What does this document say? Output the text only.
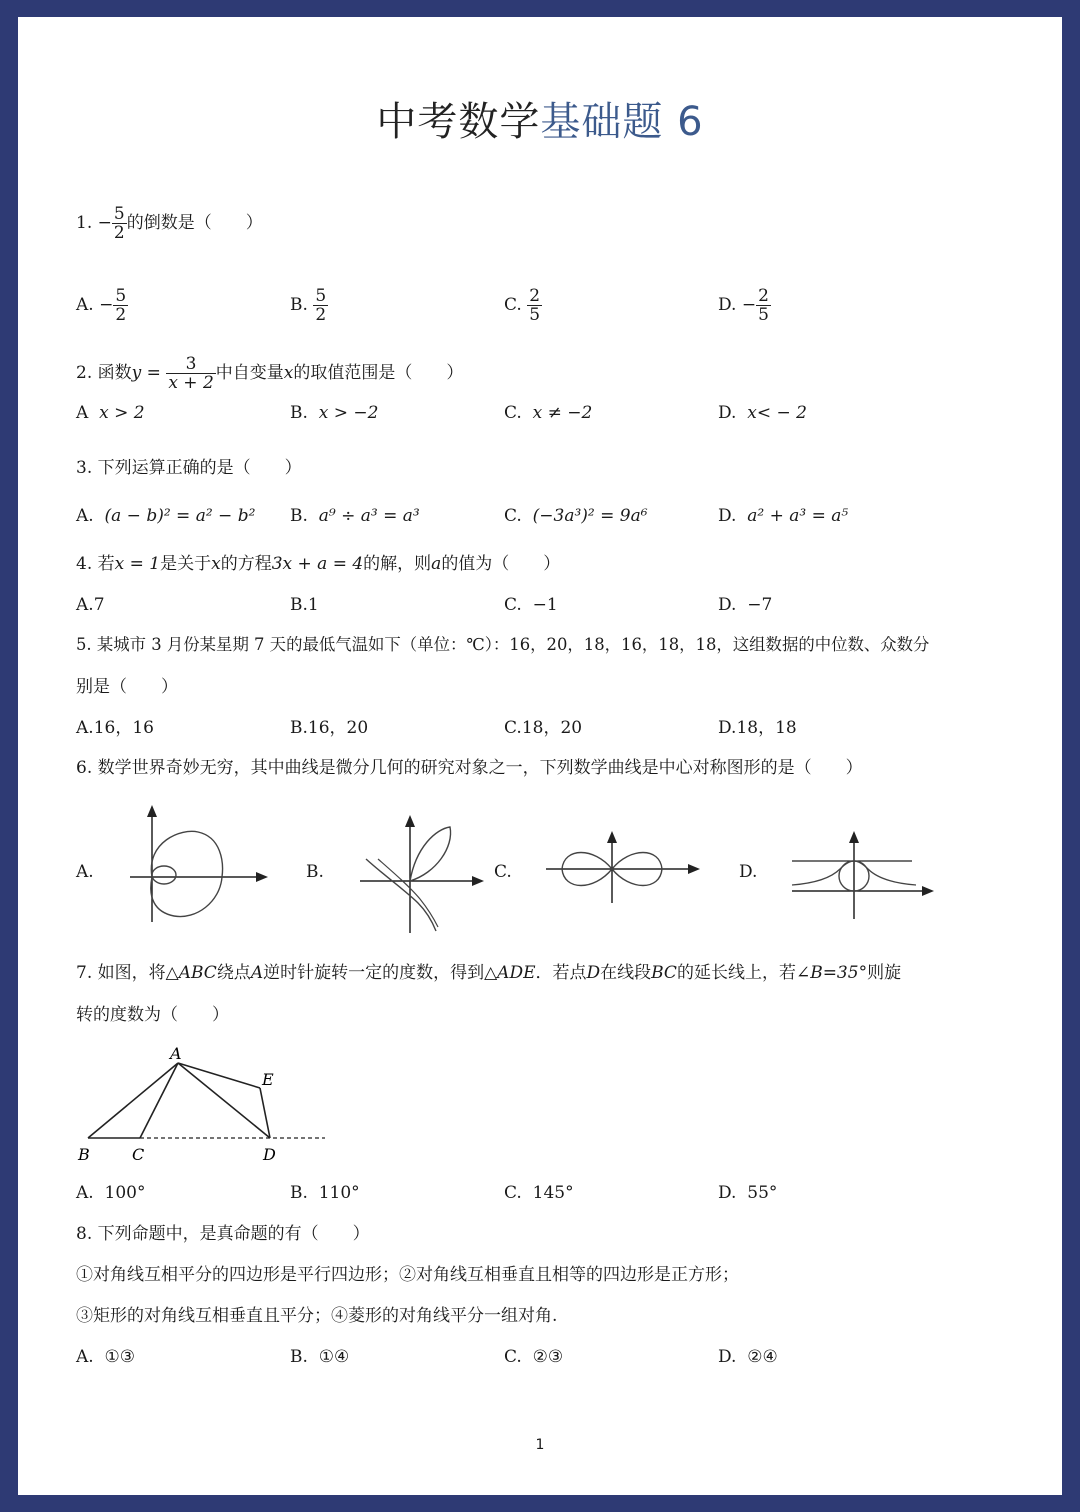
中考数学基础题 6
1. − $\frac{5}{2}$ 的倒数是（　　）
A. − $\frac{5}{2}$	B. $\frac{5}{2}$	C. $\frac{2}{5}$	D. − $\frac{2}{5}$
2. 函数$y = \frac{3}{x + 2}$ 中自变量x的取值范围是（　　）
A x > 2	B. x > −2	C. x ≠ −2	D. x< − 2
3. 下列运算正确的是（　　）
A. (a − b)² = a² − b² B. a⁹ ÷ a³ = a³	C. (−3a³)² = 9a⁶	D. a² + a³ = a⁵
4. 若x = 1是关于x的方程3x + a = 4的解，则a的值为（　　）
A.7	B.1	C. −1	D. −7
5. 某城市 3 月份某星期 7 天的最低气温如下（单位：℃）：16，20，18，16，18，18，这组数据的中位数、众数分
别是（　　）
A.16，16	B.16，20	C.18，20	D.18，18
6. 数学世界奇妙无穷，其中曲线是微分几何的研究对象之一，下列数学曲线是中心对称图形的是（　　）
A.	B.	C.	D.
7. 如图，将△ABC绕点A逆时针旋转一定的度数，得到△ADE．若点D在线段BC的延长线上，若∠B=35°则旋
转的度数为（　　）
A
B	C	D
E
A. 100°	B. 110°	C. 145°	D. 55°
8. 下列命题中，是真命题的有（　　）
①对角线互相平分的四边形是平行四边形；②对角线互相垂直且相等的四边形是正方形；
③矩形的对角线互相垂直且平分；④菱形的对角线平分一组对角.
A. ①③	B. ①④	C. ②③	D. ②④
1
